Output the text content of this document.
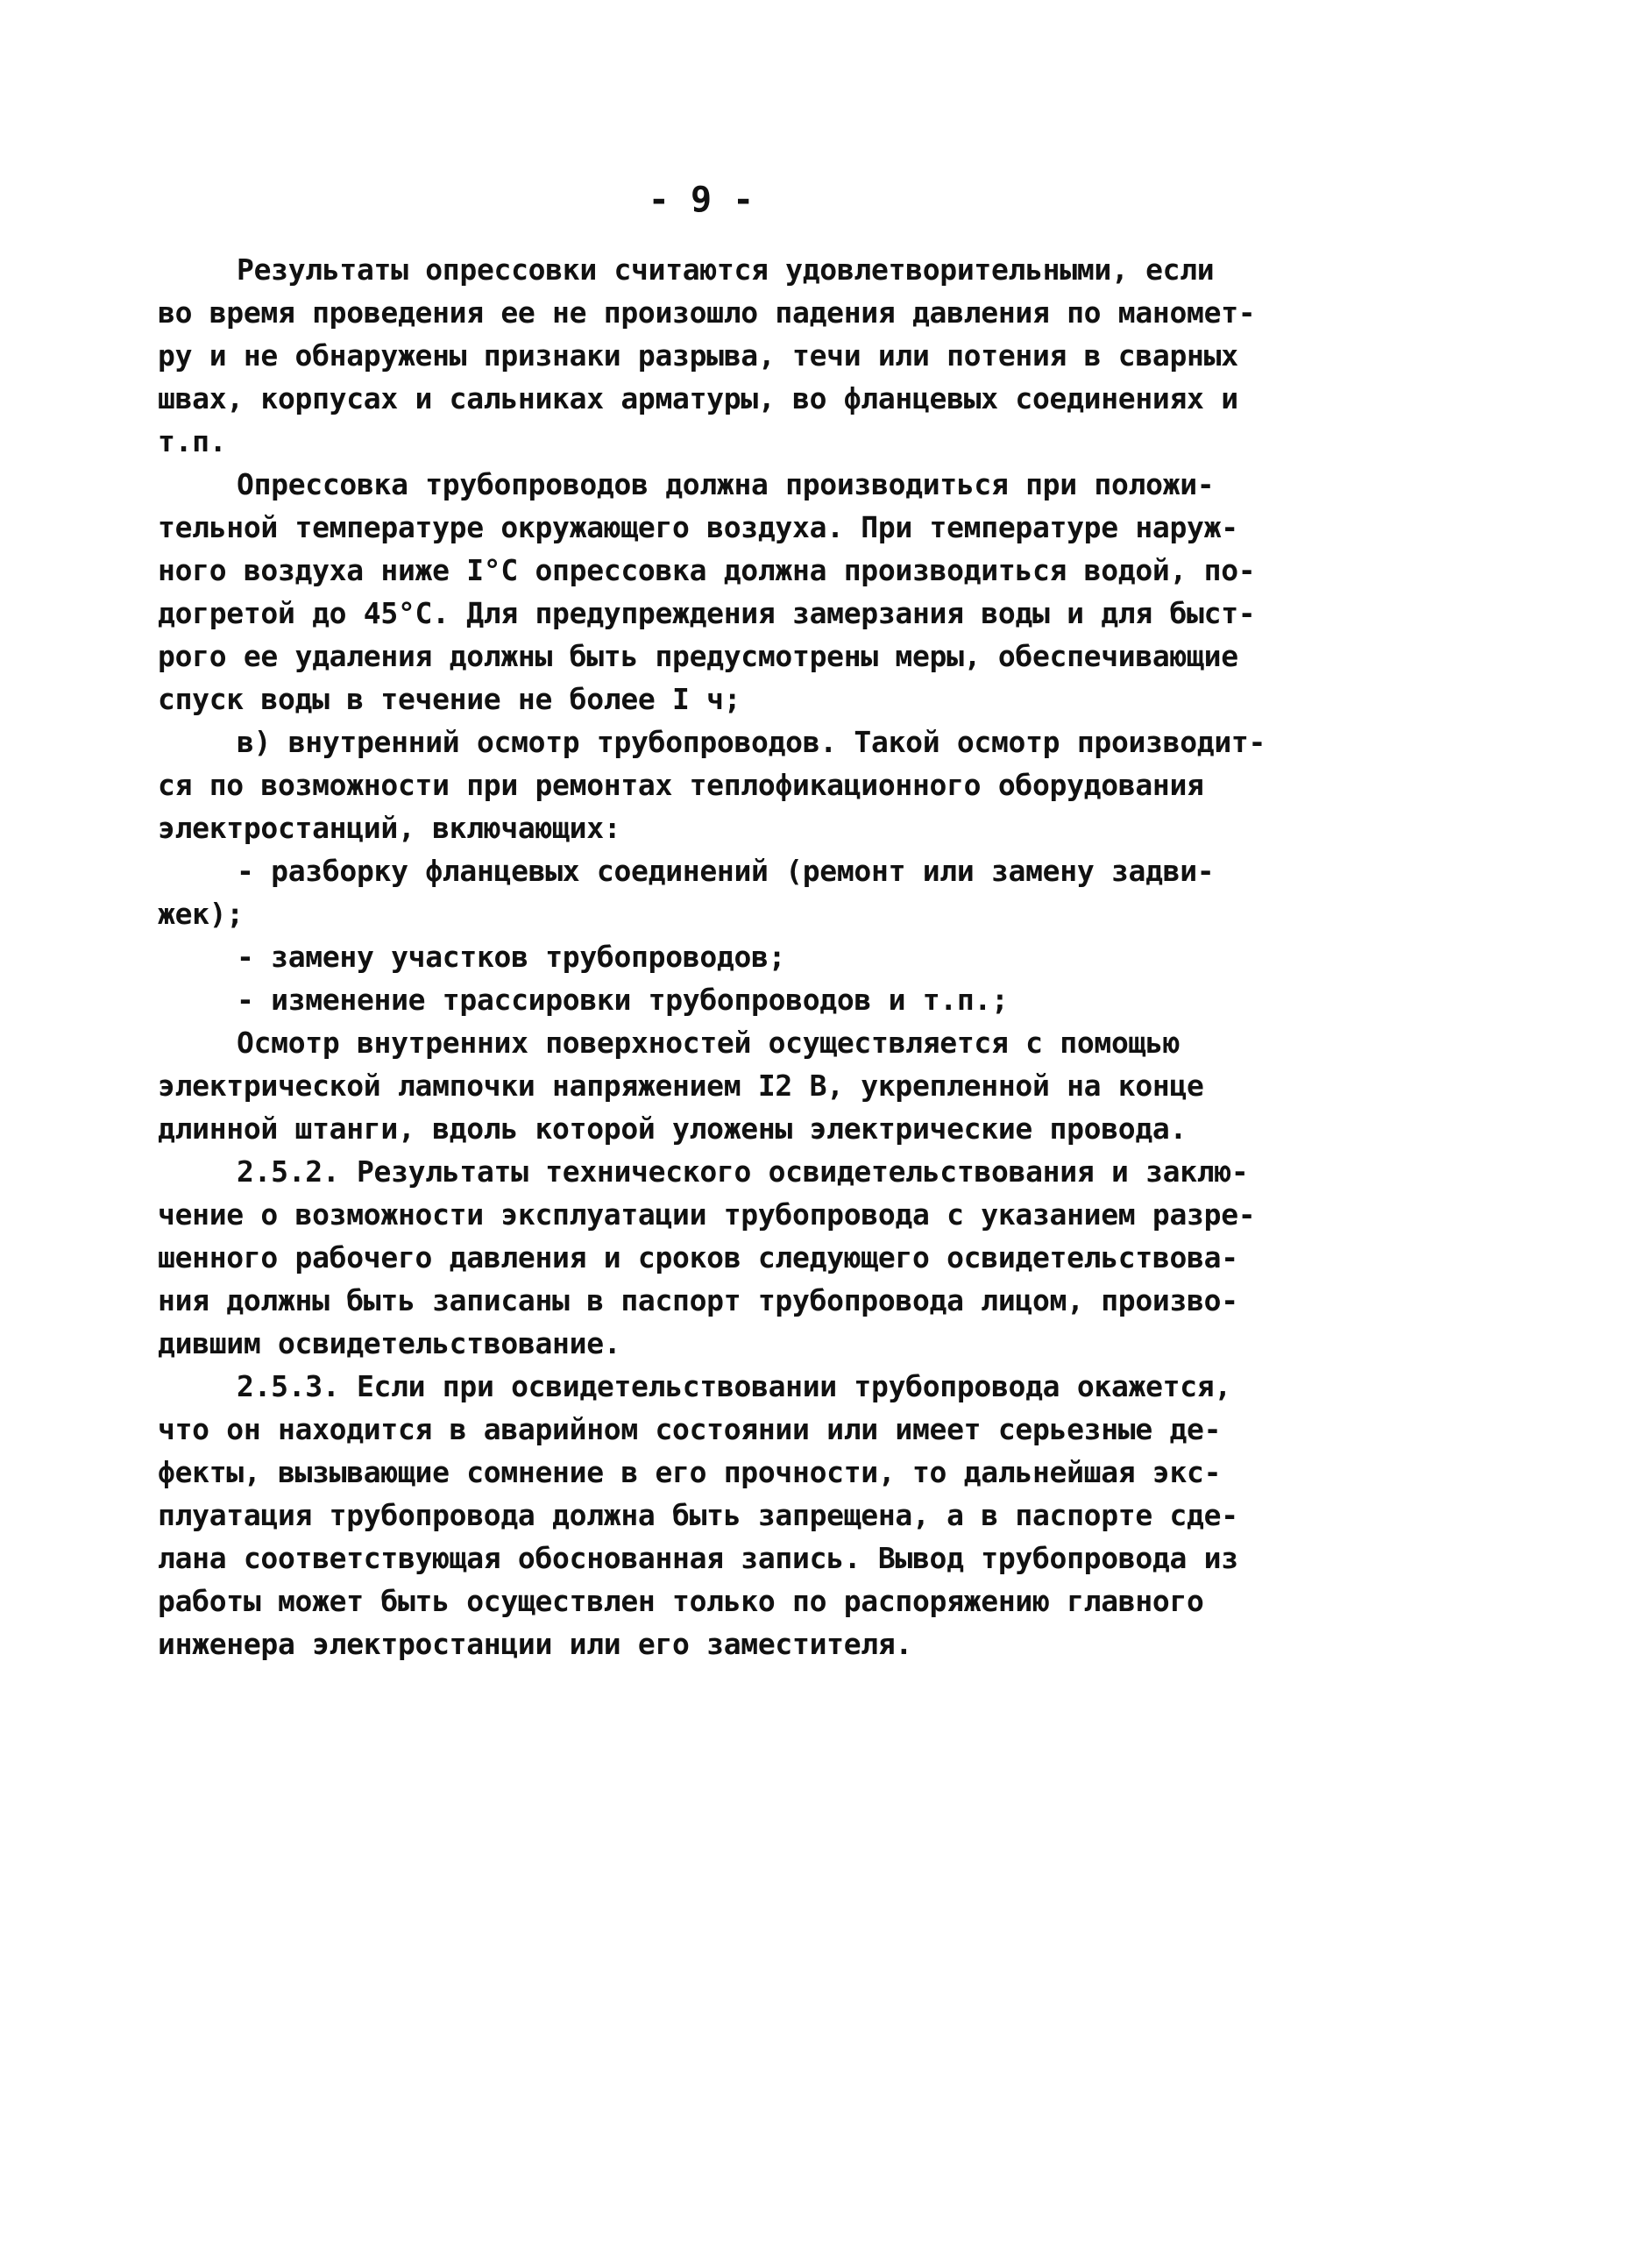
- 9 -
Результаты опрессовки считаются удовлетворительными, если
во время проведения ее не произошло падения давления по маномет-
ру и не обнаружены признаки разрыва, течи или потения в сварных
швах, корпусах и сальниках арматуры, во фланцевых соединениях и
т.п.
Опрессовка трубопроводов должна производиться при положи-
тельной температуре окружающего воздуха. При температуре наруж-
ного воздуха ниже I°С опрессовка должна производиться водой, по-
догретой до 45°С. Для предупреждения замерзания воды и для быст-
рого ее удаления должны быть предусмотрены меры, обеспечивающие
спуск воды в течение не более I ч;
в) внутренний осмотр трубопроводов. Такой осмотр производит-
ся по возможности при ремонтах теплофикационного оборудования
электростанций, включающих:
- разборку фланцевых соединений (ремонт или замену задви-
жек);
- замену участков трубопроводов;
- изменение трассировки трубопроводов и т.п.;
Осмотр внутренних поверхностей осуществляется с помощью
электрической лампочки напряжением I2 В, укрепленной на конце
длинной штанги, вдоль которой уложены электрические провода.
2.5.2. Результаты технического освидетельствования и заклю-
чение о возможности эксплуатации трубопровода с указанием разре-
шенного рабочего давления и сроков следующего освидетельствова-
ния должны быть записаны в паспорт трубопровода лицом, произво-
дившим освидетельствование.
2.5.3. Если при освидетельствовании трубопровода окажется,
что он находится в аварийном состоянии или имеет серьезные де-
фекты, вызывающие сомнение в его прочности, то дальнейшая экс-
плуатация трубопровода должна быть запрещена, а в паспорте сде-
лана соответствующая обоснованная запись. Вывод трубопровода из
работы может быть осуществлен только по распоряжению главного
инженера электростанции или его заместителя.
